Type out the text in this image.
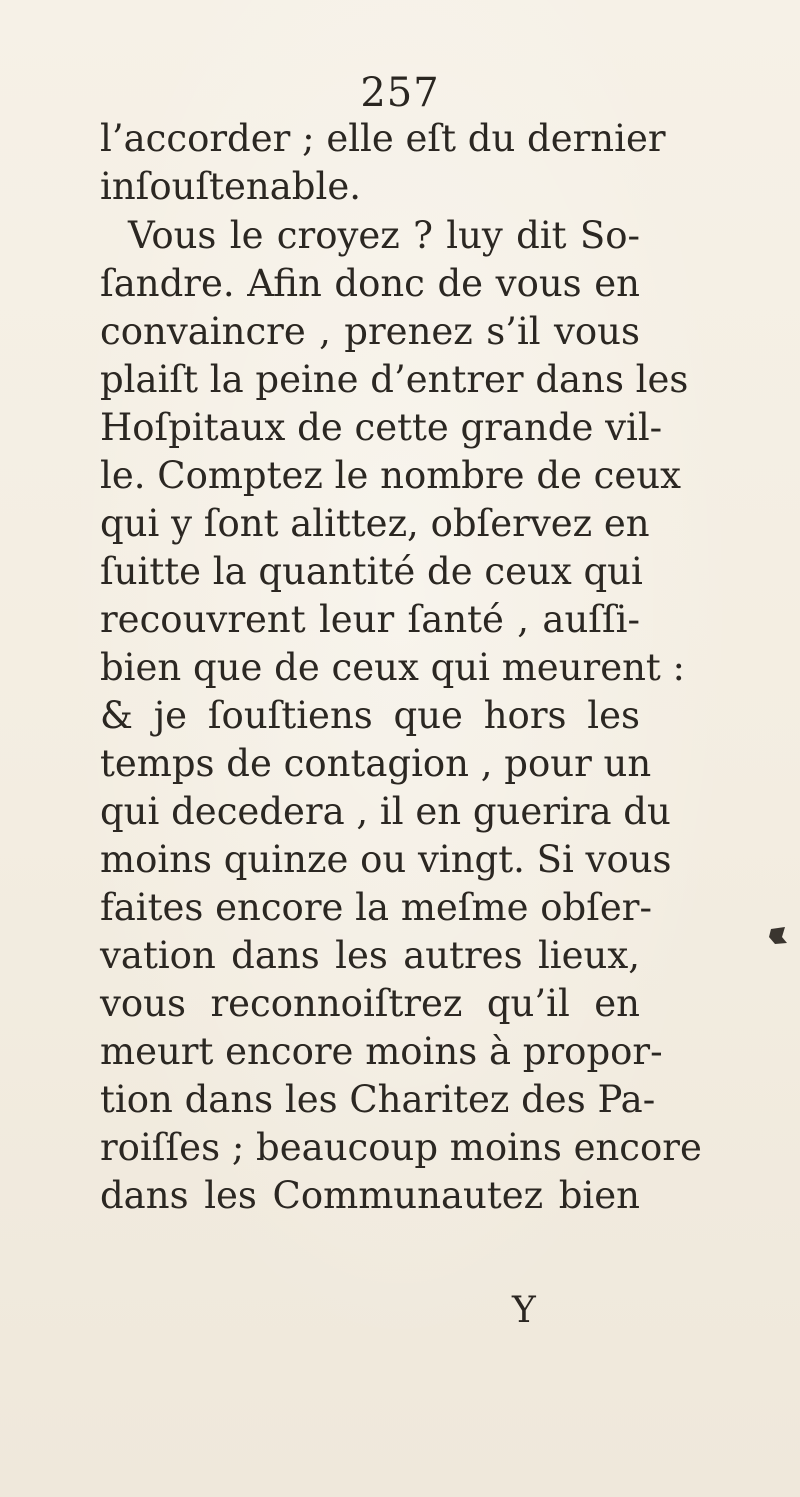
257
l’accorder ; elle eſt du dernier
inſouſtenable.
Vous le croyez ? luy dit So-
ſandre. Afin donc de vous en
convaincre , prenez s’il vous
plaiſt la peine d’entrer dans les
Hoſpitaux de cette grande vil-
le. Comptez le nombre de ceux
qui y ſont alittez, obſervez en
ſuitte la quantité de ceux qui
recouvrent leur ſanté , auſſi-
bien que de ceux qui meurent :
& je ſouſtiens que hors les
temps de contagion , pour un
qui decedera , il en guerira du
moins quinze ou vingt. Si vous
faites encore la meſme obſer-
vation dans les autres lieux,
vous reconnoiſtrez qu’il en
meurt encore moins à propor-
tion dans les Charitez des Pa-
roiſſes ; beaucoup moins encore
dans les Communautez bien
Y
